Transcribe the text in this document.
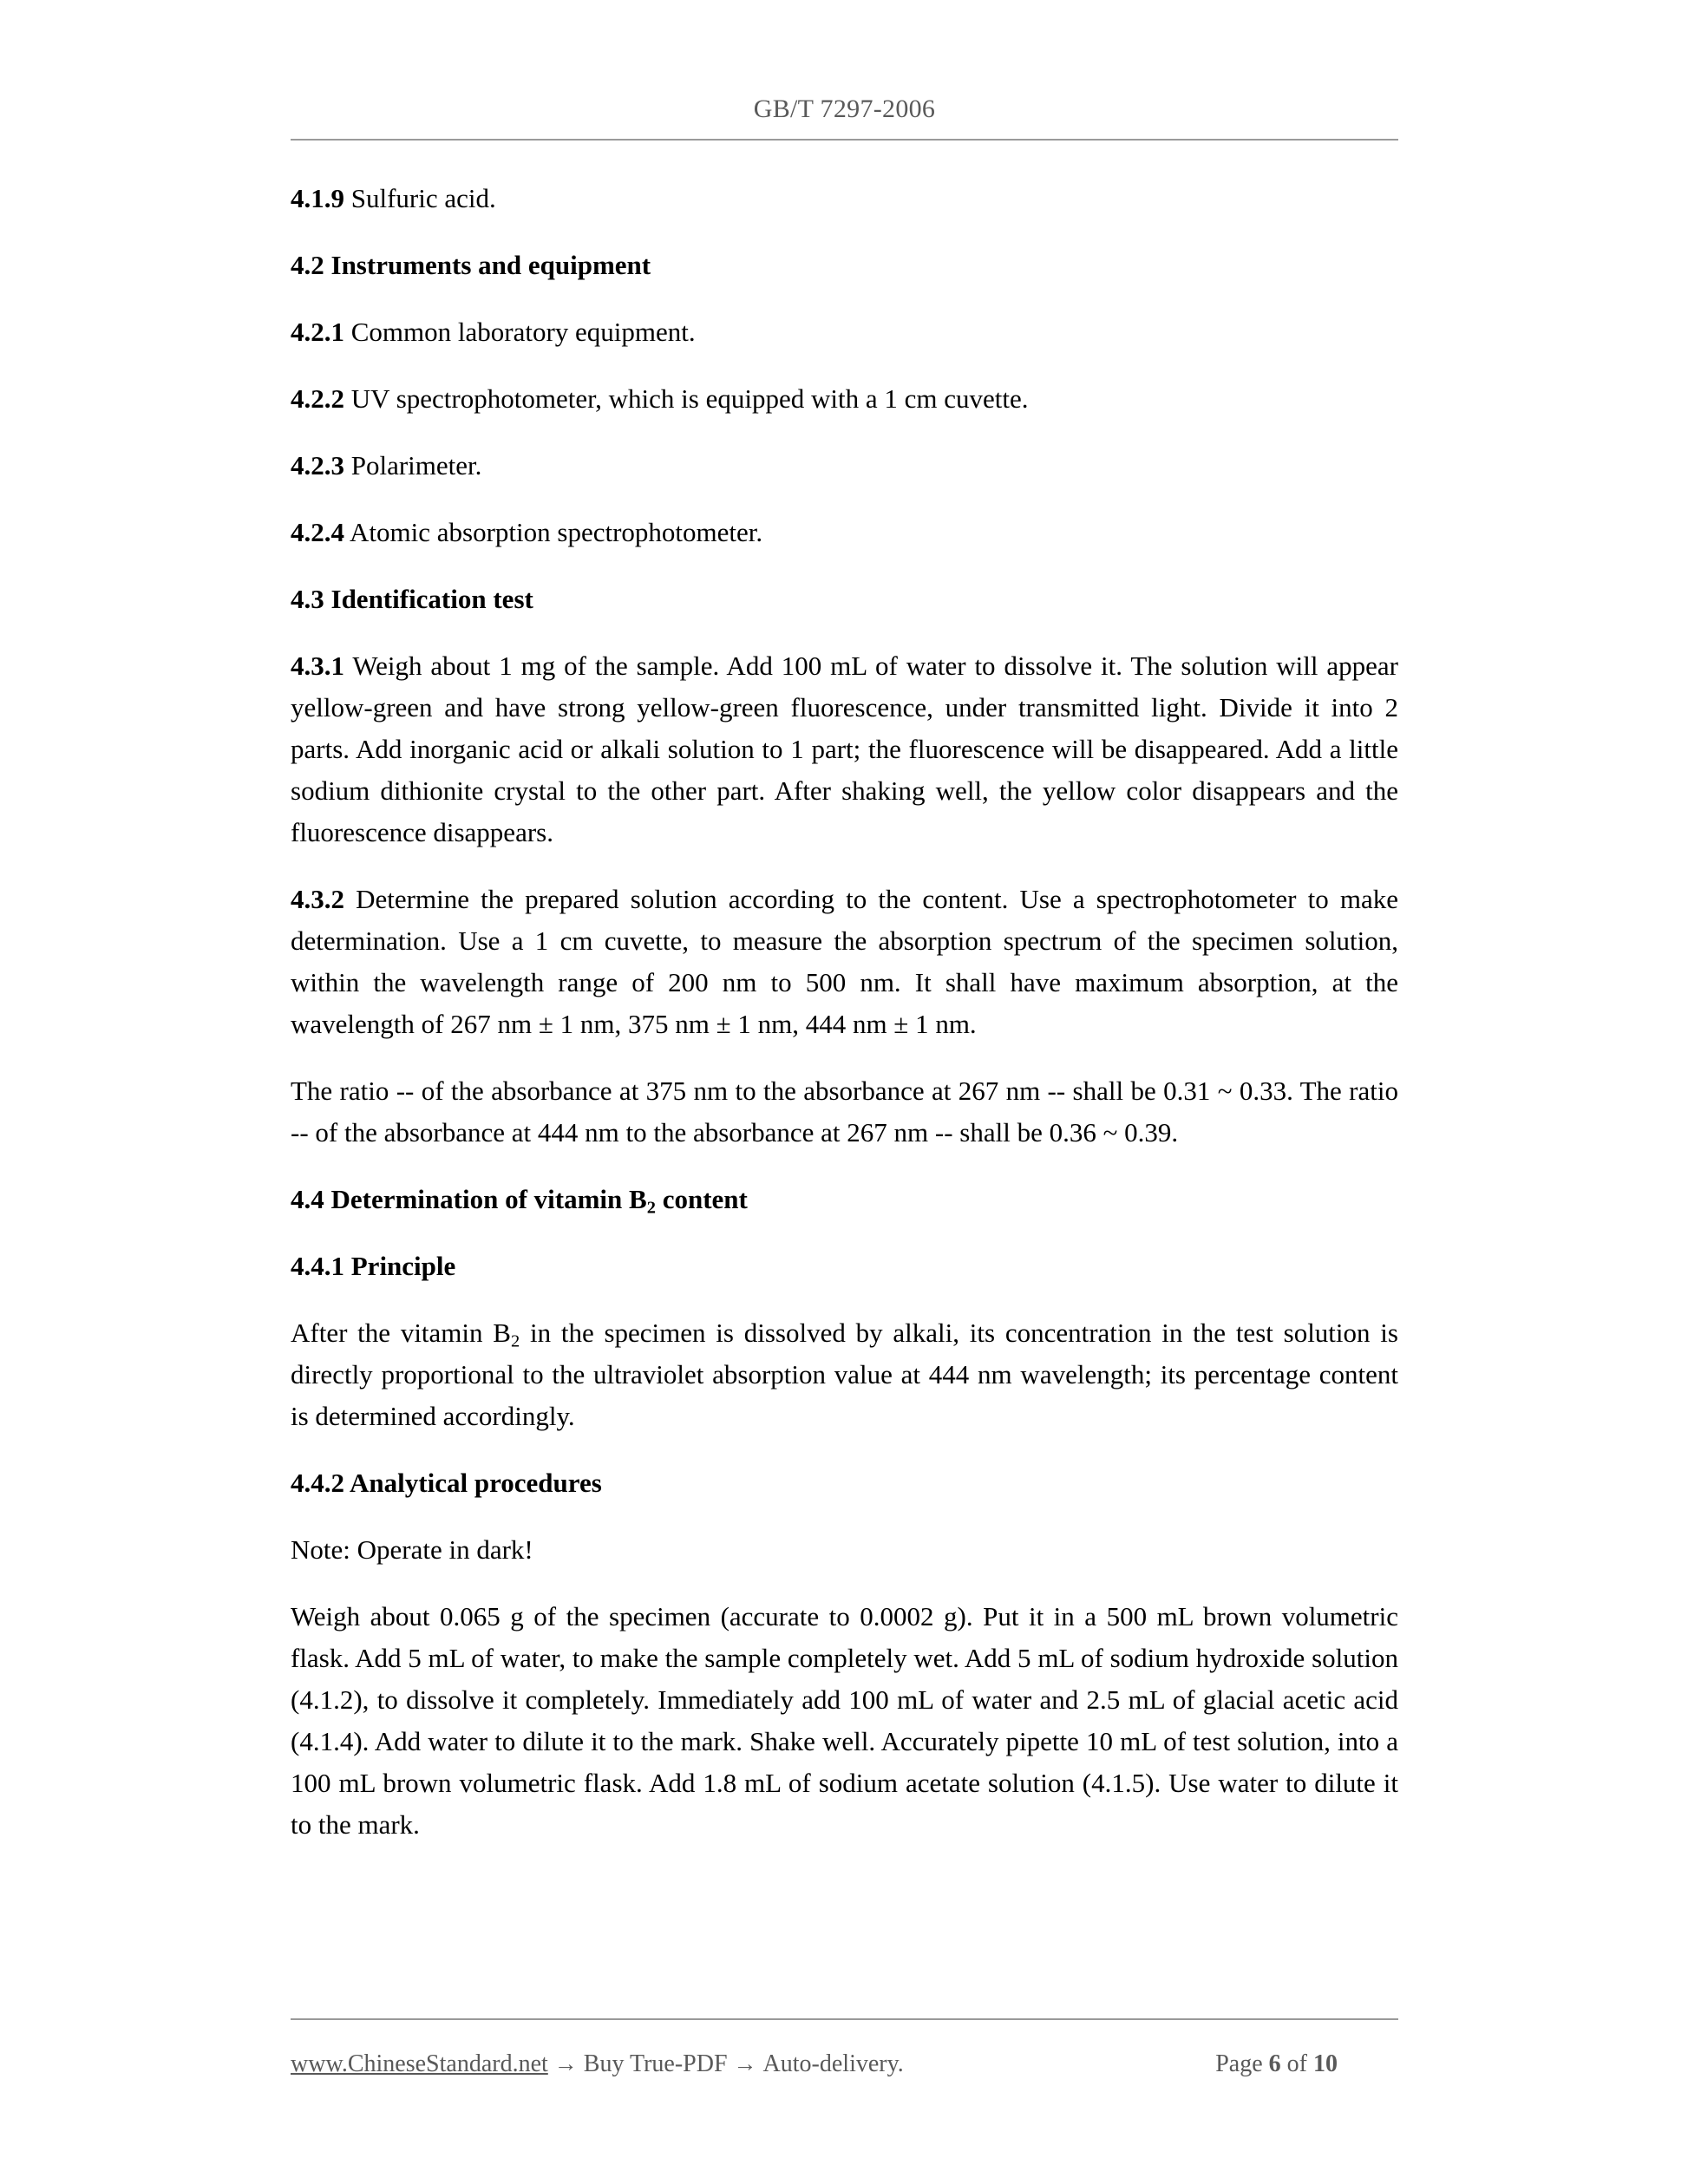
GB/T 7297-2006
4.1.9 Sulfuric acid.
4.2 Instruments and equipment
4.2.1 Common laboratory equipment.
4.2.2 UV spectrophotometer, which is equipped with a 1 cm cuvette.
4.2.3 Polarimeter.
4.2.4 Atomic absorption spectrophotometer.
4.3 Identification test
4.3.1 Weigh about 1 mg of the sample. Add 100 mL of water to dissolve it. The solution will appear yellow-green and have strong yellow-green fluorescence, under transmitted light. Divide it into 2 parts. Add inorganic acid or alkali solution to 1 part; the fluorescence will be disappeared. Add a little sodium dithionite crystal to the other part. After shaking well, the yellow color disappears and the fluorescence disappears.
4.3.2 Determine the prepared solution according to the content. Use a spectrophotometer to make determination. Use a 1 cm cuvette, to measure the absorption spectrum of the specimen solution, within the wavelength range of 200 nm to 500 nm. It shall have maximum absorption, at the wavelength of 267 nm ± 1 nm, 375 nm ± 1 nm, 444 nm ± 1 nm.
The ratio -- of the absorbance at 375 nm to the absorbance at 267 nm -- shall be 0.31 ~ 0.33. The ratio -- of the absorbance at 444 nm to the absorbance at 267 nm -- shall be 0.36 ~ 0.39.
4.4 Determination of vitamin $B_2$ content
4.4.1 Principle
After the vitamin $B_2$ in the specimen is dissolved by alkali, its concentration in the test solution is directly proportional to the ultraviolet absorption value at 444 nm wavelength; its percentage content is determined accordingly.
4.4.2 Analytical procedures
Note: Operate in dark!
Weigh about 0.065 g of the specimen (accurate to 0.0002 g). Put it in a 500 mL brown volumetric flask. Add 5 mL of water, to make the sample completely wet. Add 5 mL of sodium hydroxide solution (4.1.2), to dissolve it completely. Immediately add 100 mL of water and 2.5 mL of glacial acetic acid (4.1.4). Add water to dilute it to the mark. Shake well. Accurately pipette 10 mL of test solution, into a 100 mL brown volumetric flask. Add 1.8 mL of sodium acetate solution (4.1.5). Use water to dilute it to the mark.
www.ChineseStandard.net → Buy True-PDF → Auto-delivery.	Page 6 of 10
